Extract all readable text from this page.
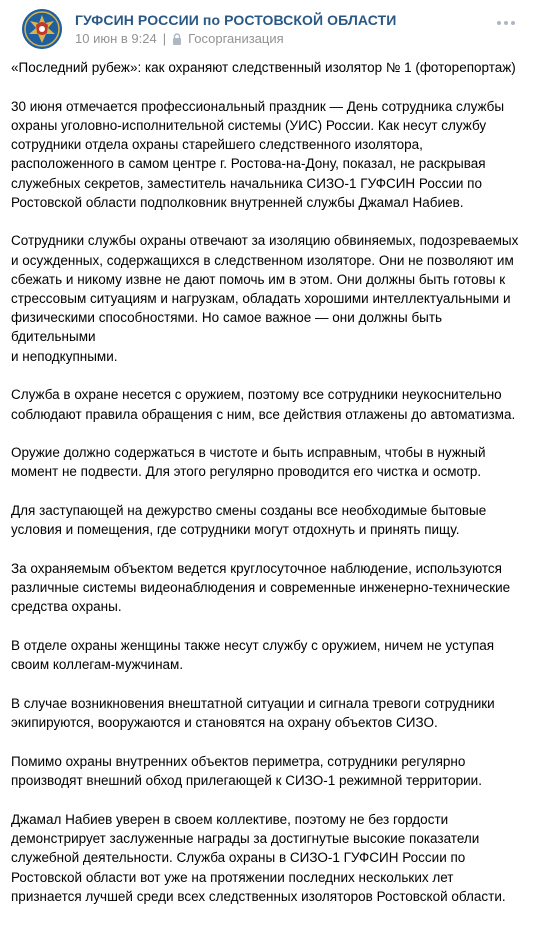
ГУФСИН РОССИИ по РОСТОВСКОЙ ОБЛАСТИ
10 июн в 9:24 | Госорганизация

«Последний рубеж»: как охраняют следственный изолятор № 1 (фоторепортаж)

30 июня отмечается профессиональный праздник — День сотрудника службы
охраны уголовно-исполнительной системы (УИС) России. Как несут службу
сотрудники отдела охраны старейшего следственного изолятора,
расположенного в самом центре г. Ростова-на-Дону, показал, не раскрывая
служебных секретов, заместитель начальника СИЗО-1 ГУФСИН России по
Ростовской области подполковник внутренней службы Джамал Набиев.

Сотрудники службы охраны отвечают за изоляцию обвиняемых, подозреваемых
и осужденных, содержащихся в следственном изоляторе. Они не позволяют им
сбежать и никому извне не дают помочь им в этом. Они должны быть готовы к
стрессовым ситуациям и нагрузкам, обладать хорошими интеллектуальными и
физическими способностями. Но самое важное — они должны быть бдительными
и неподкупными.

Служба в охране несется с оружием, поэтому все сотрудники неукоснительно
соблюдают правила обращения с ним, все действия отлажены до автоматизма.

Оружие должно содержаться в чистоте и быть исправным, чтобы в нужный
момент не подвести. Для этого регулярно проводится его чистка и осмотр.

Для заступающей на дежурство смены созданы все необходимые бытовые
условия и помещения, где сотрудники могут отдохнуть и принять пищу.

За охраняемым объектом ведется круглосуточное наблюдение, используются
различные системы видеонаблюдения и современные инженерно-технические
средства охраны.

В отделе охраны женщины также несут службу с оружием, ничем не уступая
своим коллегам-мужчинам.

В случае возникновения внештатной ситуации и сигнала тревоги сотрудники
экипируются, вооружаются и становятся на охрану объектов СИЗО.

Помимо охраны внутренних объектов периметра, сотрудники регулярно
производят внешний обход прилегающей к СИЗО-1 режимной территории.

Джамал Набиев уверен в своем коллективе, поэтому не без гордости
демонстрирует заслуженные награды за достигнутые высокие показатели
служебной деятельности. Служба охраны в СИЗО-1 ГУФСИН России по
Ростовской области вот уже на протяжении последних нескольких лет
признается лучшей среди всех следственных изоляторов Ростовской области.
